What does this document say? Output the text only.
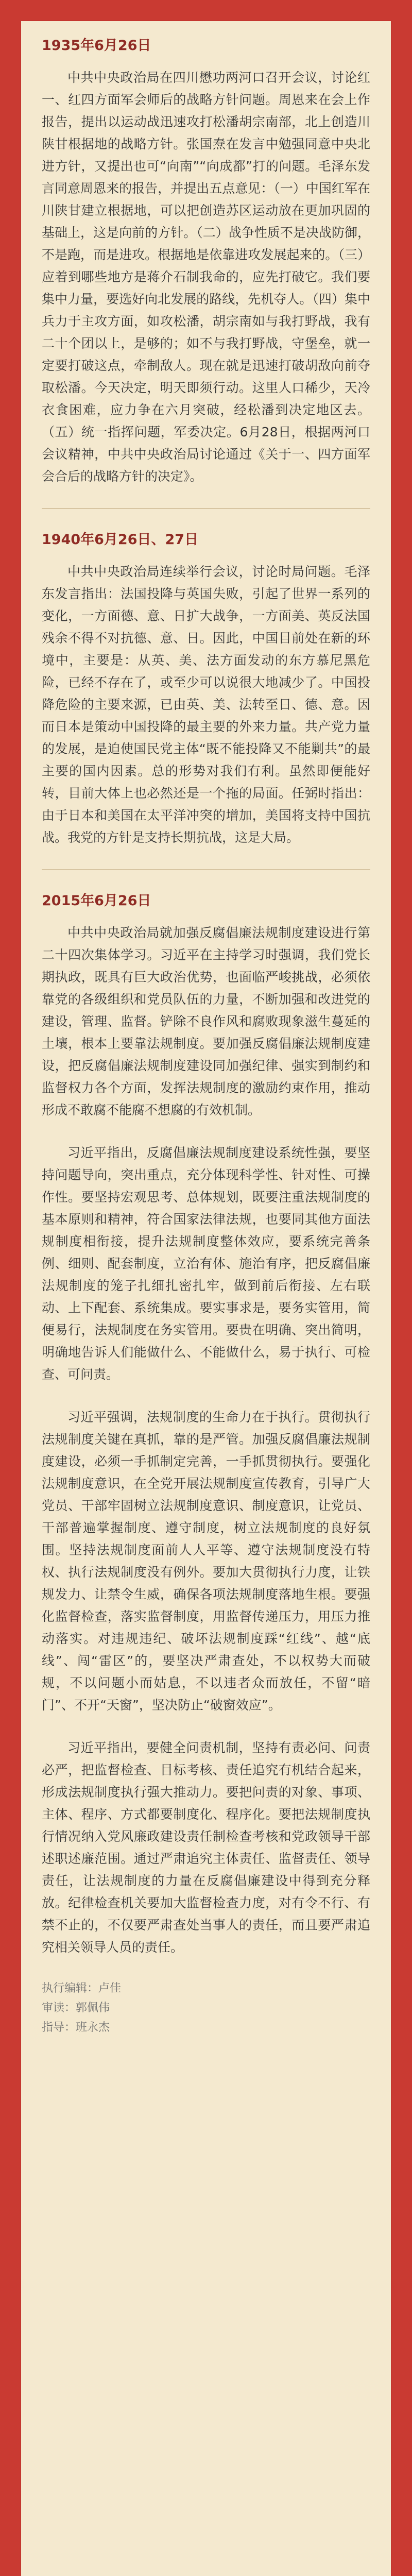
1935年6月26日

中共中央政治局在四川懋功两河口召开会议，讨论红一、红四方面军会师后的战略方针问题。周恩来在会上作报告，提出以运动战迅速攻打松潘胡宗南部，北上创造川陕甘根据地的战略方针。张国焘在发言中勉强同意中央北进方针，又提出也可“向南”“向成都”打的问题。毛泽东发言同意周恩来的报告，并提出五点意见：（一）中国红军在川陕甘建立根据地，可以把创造苏区运动放在更加巩固的基础上，这是向前的方针。（二）战争性质不是决战防御，不是跑，而是进攻。根据地是依靠进攻发展起来的。（三）应着到哪些地方是蒋介石制我命的，应先打破它。我们要集中力量，要选好向北发展的路线，先机夺人。（四）集中兵力于主攻方面，如攻松潘，胡宗南如与我打野战，我有二十个团以上，是够的；如不与我打野战，守堡垒，就一定要打破这点，牵制敌人。现在就是迅速打破胡敌向前夺取松潘。今天决定，明天即须行动。这里人口稀少，天冷衣食困难，应力争在六月突破，经松潘到决定地区去。（五）统一指挥问题，军委决定。6月28日，根据两河口会议精神，中共中央政治局讨论通过《关于一、四方面军会合后的战略方针的决定》。

1940年6月26日、27日

中共中央政治局连续举行会议，讨论时局问题。毛泽东发言指出：法国投降与英国失败，引起了世界一系列的变化，一方面德、意、日扩大战争，一方面美、英反法国残余不得不对抗德、意、日。因此，中国目前处在新的环境中，主要是：从英、美、法方面发动的东方慕尼黑危险，已经不存在了，或至少可以说很大地减少了。中国投降危险的主要来源，已由英、美、法转至日、德、意。因而日本是策动中国投降的最主要的外来力量。共产党力量的发展，是迫使国民党主体“既不能投降又不能剿共”的最主要的国内因素。总的形势对我们有利。虽然即便能好转，目前大体上也必然还是一个拖的局面。任弼时指出：由于日本和美国在太平洋冲突的增加，美国将支持中国抗战。我党的方针是支持长期抗战，这是大局。

2015年6月26日

中共中央政治局就加强反腐倡廉法规制度建设进行第二十四次集体学习。习近平在主持学习时强调，我们党长期执政，既具有巨大政治优势，也面临严峻挑战，必须依靠党的各级组织和党员队伍的力量，不断加强和改进党的建设，管理、监督。铲除不良作风和腐败现象滋生蔓延的土壤，根本上要靠法规制度。要加强反腐倡廉法规制度建设，把反腐倡廉法规制度建设同加强纪律、强实到制约和监督权力各个方面，发挥法规制度的激励约束作用，推动形成不敢腐不能腐不想腐的有效机制。

习近平指出，反腐倡廉法规制度建设系统性强，要坚持问题导向，突出重点，充分体现科学性、针对性、可操作性。要坚持宏观思考、总体规划，既要注重法规制度的基本原则和精神，符合国家法律法规，也要同其他方面法规制度相衔接，提升法规制度整体效应，要系统完善条例、细则、配套制度，立治有体、施治有序，把反腐倡廉法规制度的笼子扎细扎密扎牢，做到前后衔接、左右联动、上下配套、系统集成。要实事求是，要务实管用，简便易行，法规制度在务实管用。要贵在明确、突出简明，明确地告诉人们能做什么、不能做什么，易于执行、可检查、可问责。

习近平强调，法规制度的生命力在于执行。贯彻执行法规制度关键在真抓，靠的是严管。加强反腐倡廉法规制度建设，必须一手抓制定完善，一手抓贯彻执行。要强化法规制度意识，在全党开展法规制度宣传教育，引导广大党员、干部牢固树立法规制度意识、制度意识，让党员、干部普遍掌握制度、遵守制度，树立法规制度的良好氛围。坚持法规制度面前人人平等、遵守法规制度没有特权、执行法规制度没有例外。要加大贯彻执行力度，让铁规发力、让禁令生威，确保各项法规制度落地生根。要强化监督检查，落实监督制度，用监督传递压力，用压力推动落实。对违规违纪、破坏法规制度踩“红线”、越“底线”、闯“雷区”的，要坚决严肃查处，不以权势大而破规，不以问题小而姑息，不以违者众而放任，不留“暗门”、不开“天窗”，坚决防止“破窗效应”。

习近平指出，要健全问责机制，坚持有责必问、问责必严，把监督检查、目标考核、责任追究有机结合起来，形成法规制度执行强大推动力。要把问责的对象、事项、主体、程序、方式都要制度化、程序化。要把法规制度执行情况纳入党风廉政建设责任制检查考核和党政领导干部述职述廉范围。通过严肃追究主体责任、监督责任、领导责任，让法规制度的力量在反腐倡廉建设中得到充分释放。纪律检查机关要加大监督检查力度，对有令不行、有禁不止的，不仅要严肃查处当事人的责任，而且要严肃追究相关领导人员的责任。

执行编辑：卢佳
审读：郭佩伟
指导：班永杰
